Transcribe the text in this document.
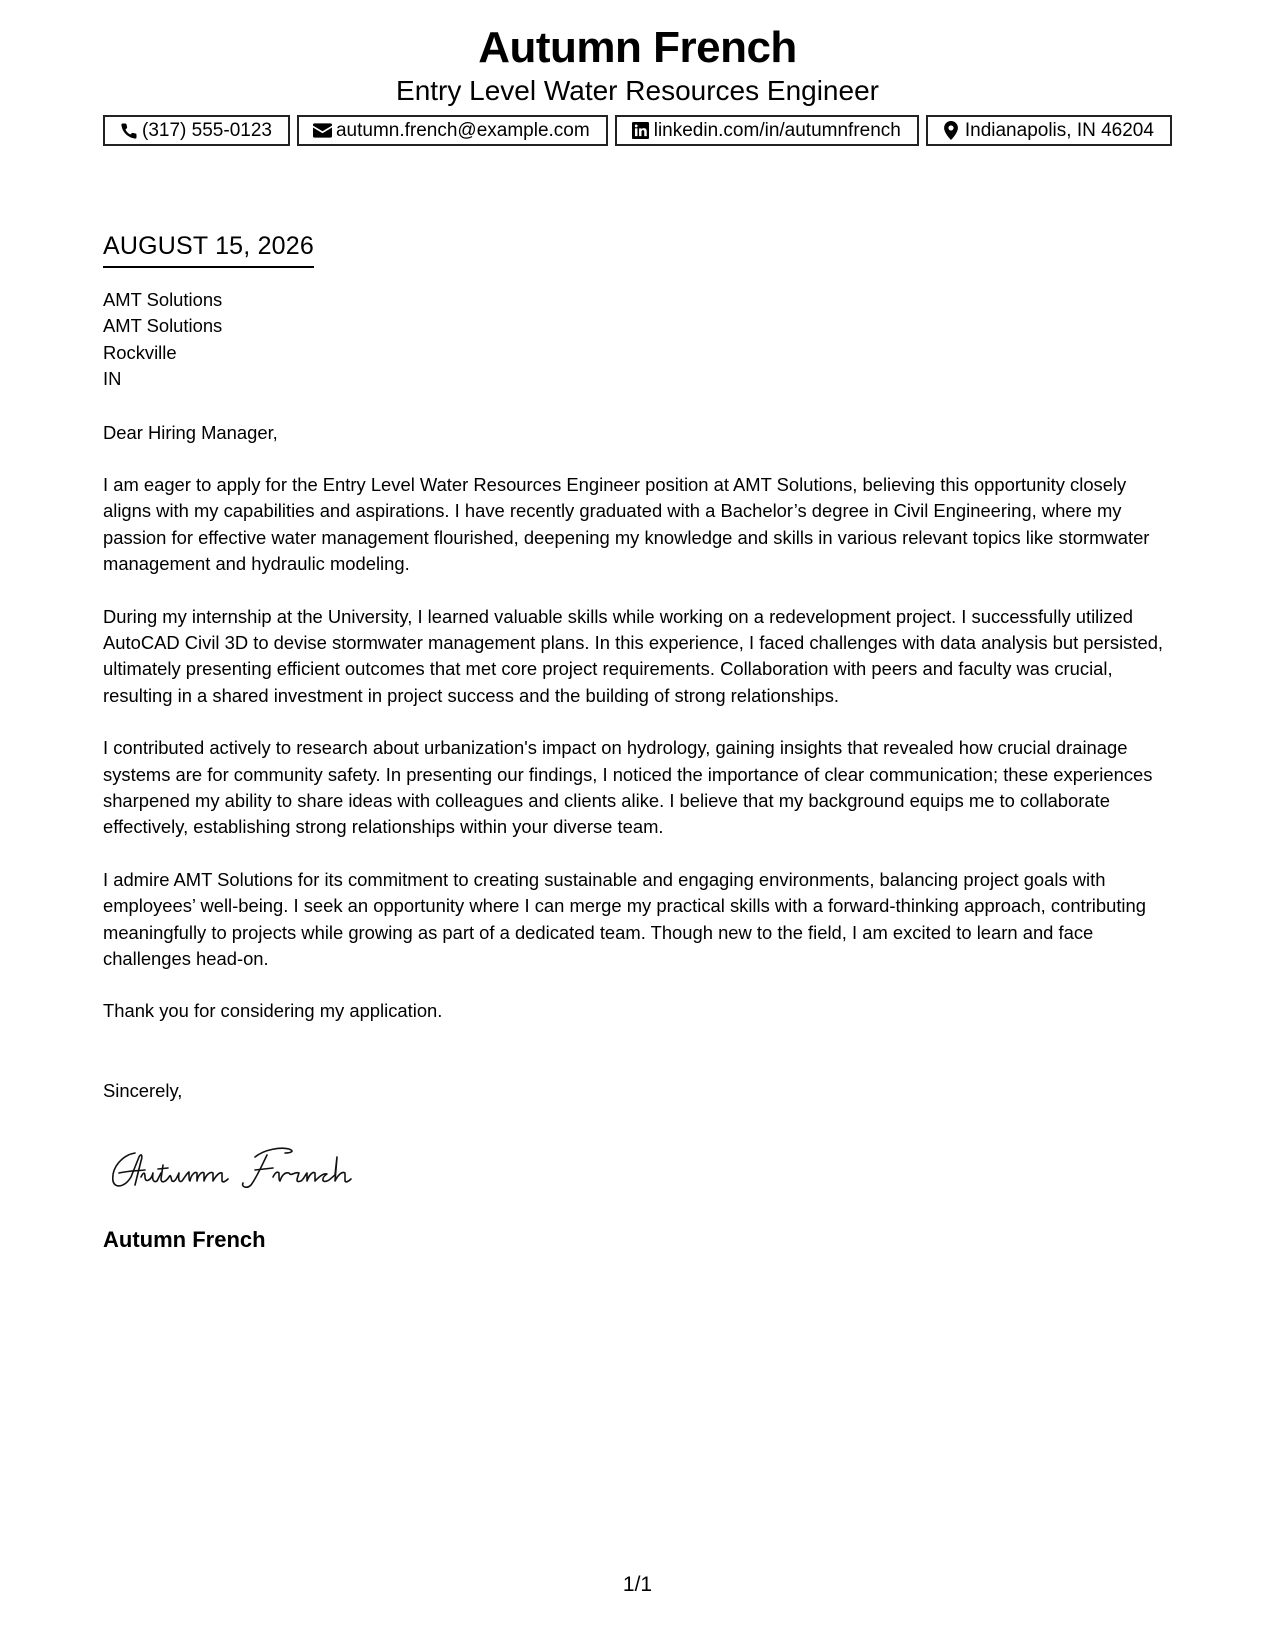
Autumn French
Entry Level Water Resources Engineer
(317) 555-0123	autumn.french@example.com	linkedin.com/in/autumnfrench	Indianapolis, IN 46204
AUGUST 15, 2026
AMT Solutions
AMT Solutions
Rockville
IN
Dear Hiring Manager,
I am eager to apply for the Entry Level Water Resources Engineer position at AMT Solutions, believing this opportunity closely aligns with my capabilities and aspirations. I have recently graduated with a Bachelor’s degree in Civil Engineering, where my passion for effective water management flourished, deepening my knowledge and skills in various relevant topics like stormwater management and hydraulic modeling.
During my internship at the University, I learned valuable skills while working on a redevelopment project. I successfully utilized AutoCAD Civil 3D to devise stormwater management plans. In this experience, I faced challenges with data analysis but persisted, ultimately presenting efficient outcomes that met core project requirements. Collaboration with peers and faculty was crucial, resulting in a shared investment in project success and the building of strong relationships.
I contributed actively to research about urbanization's impact on hydrology, gaining insights that revealed how crucial drainage systems are for community safety. In presenting our findings, I noticed the importance of clear communication; these experiences sharpened my ability to share ideas with colleagues and clients alike. I believe that my background equips me to collaborate effectively, establishing strong relationships within your diverse team.
I admire AMT Solutions for its commitment to creating sustainable and engaging environments, balancing project goals with employees’ well-being. I seek an opportunity where I can merge my practical skills with a forward-thinking approach, contributing meaningfully to projects while growing as part of a dedicated team. Though new to the field, I am excited to learn and face challenges head-on.
Thank you for considering my application.
Sincerely,
Autumn French
1/1
